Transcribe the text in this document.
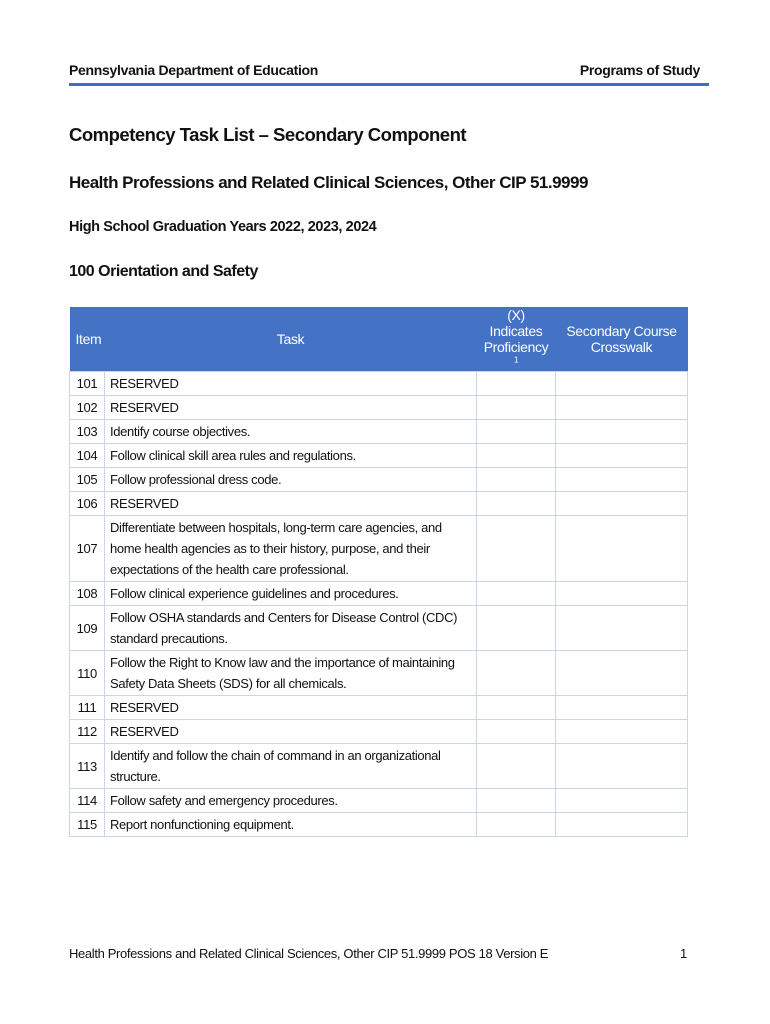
Pennsylvania Department of Education	Programs of Study
Competency Task List – Secondary Component
Health Professions and Related Clinical Sciences, Other CIP 51.9999
High School Graduation Years 2022, 2023, 2024
100 Orientation and Safety
Item	Task	(X) Indicates Proficiency $^1$	Secondary Course Crosswalk
101	RESERVED		
102	RESERVED		
103	Identify course objectives.		
104	Follow clinical skill area rules and regulations.		
105	Follow professional dress code.		
106	RESERVED		
107	Differentiate between hospitals, long-term care agencies, and home health agencies as to their history, purpose, and their expectations of the health care professional.		
108	Follow clinical experience guidelines and procedures.		
109	Follow OSHA standards and Centers for Disease Control (CDC) standard precautions.		
110	Follow the Right to Know law and the importance of maintaining Safety Data Sheets (SDS) for all chemicals.		
111	RESERVED		
112	RESERVED		
113	Identify and follow the chain of command in an organizational structure.		
114	Follow safety and emergency procedures.		
115	Report nonfunctioning equipment.		
Health Professions and Related Clinical Sciences, Other CIP 51.9999 POS 18 Version E	1
